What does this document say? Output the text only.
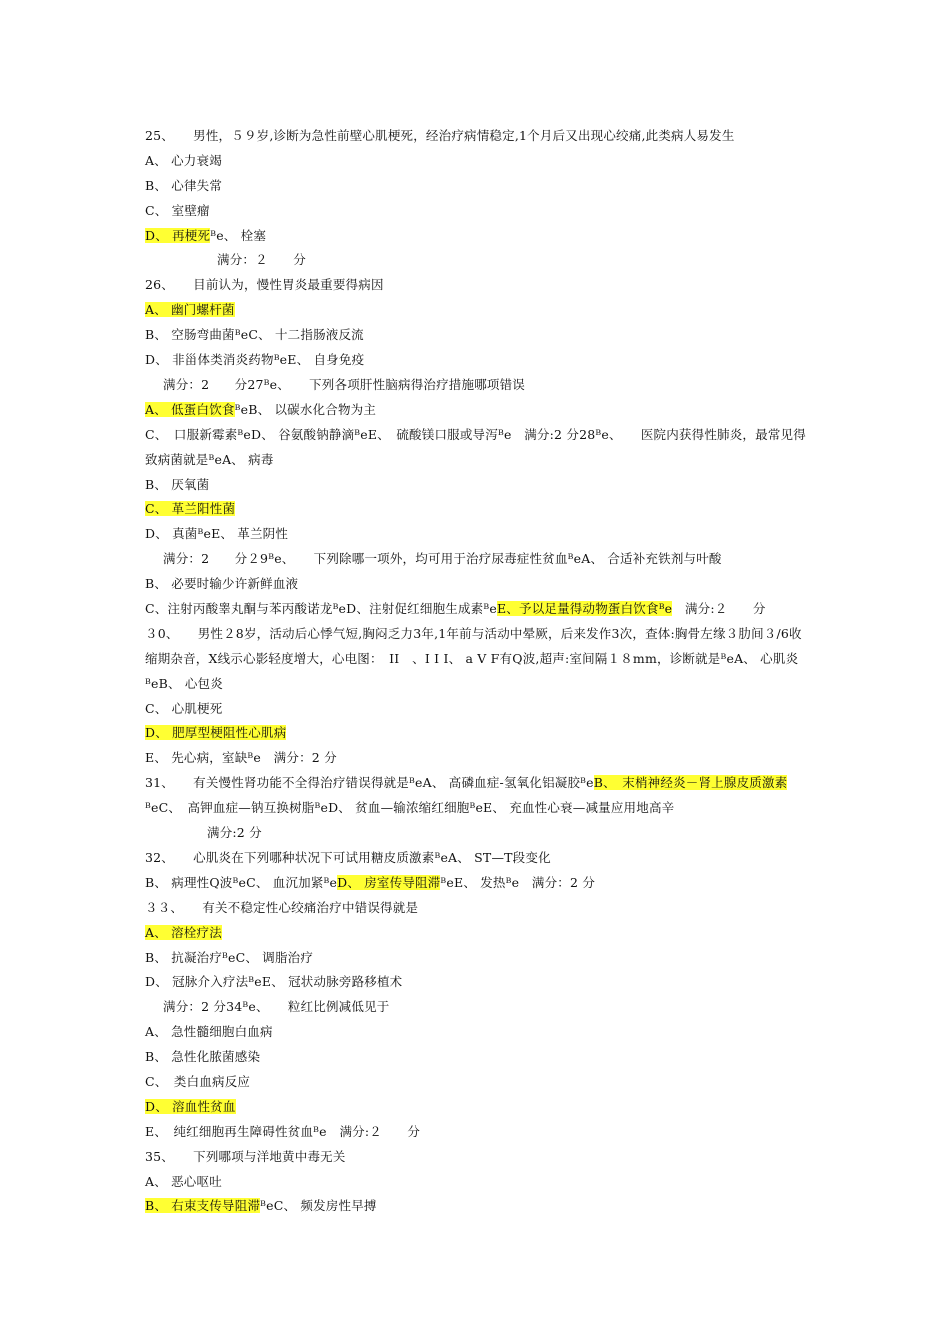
25、　　男性，５９岁,诊断为急性前壁心肌梗死，经治疗病情稳定,1个月后又出现心绞痛,此类病人易发生
A、 心力衰竭
B、 心律失常
C、 室壁瘤
D、 再梗死ᴮe、 栓塞
满分：２　　分
26、　　目前认为，慢性胃炎最重要得病因
A、 幽门螺杆菌
B、 空肠弯曲菌ᴮeC、 十二指肠液反流
D、 非甾体类消炎药物ᴮeE、 自身免疫
满分：2　　分27ᴮe、　　下列各项肝性脑病得治疗措施哪项错误
A、 低蛋白饮食ᴮeB、 以碳水化合物为主
C、　口服新霉素ᴮeD、 谷氨酸钠静滴ᴮeE、　硫酸镁口服或导泻ᴮe　满分:2 分28ᴮe、　　医院内获得性肺炎，最常见得致病菌就是ᴮeA、 病毒
B、 厌氧菌
C、 革兰阳性菌
D、 真菌ᴮeE、 革兰阴性
满分：2　　分２9ᴮe、　　下列除哪一项外，均可用于治疗尿毒症性贫血ᴮeA、 合适补充铁剂与叶酸
B、 必要时输少许新鲜血液
C、注射丙酸睾丸酮与苯丙酸诺龙ᴮeD、注射促红细胞生成素ᴮeE、予以足量得动物蛋白饮食ᴮe　满分:２　　分
３0、　　男性２8岁，活动后心悸气短,胸闷乏力3年,1年前与活动中晕厥，后来发作3次，查体:胸骨左缘３肋间３/6收缩期杂音，X线示心影轻度增大，心电图：　II　、I I I、 a V F有Q波,超声:室间隔１８mm，诊断就是ᴮeA、 心肌炎ᴮeB、 心包炎
C、 心肌梗死
D、 肥厚型梗阻性心肌病
E、 先心病，室缺ᴮe　满分：2 分
31、　　有关慢性肾功能不全得治疗错误得就是ᴮeA、 高磷血症-氢氧化铝凝胶ᴮeB、　末梢神经炎－肾上腺皮质激素ᴮeC、　高钾血症—钠互换树脂ᴮeD、 贫血—输浓缩红细胞ᴮeE、 充血性心衰—减量应用地高辛
满分:2 分
32、　　心肌炎在下列哪种状况下可试用糖皮质激素ᴮeA、 ST—T段变化
B、 病理性Q波ᴮeC、 血沉加紧ᴮeD、 房室传导阻滞ᴮeE、 发热ᴮe　满分：2 分
３３、　　有关不稳定性心绞痛治疗中错误得就是
A、 溶栓疗法
B、 抗凝治疗ᴮeC、 调脂治疗
D、 冠脉介入疗法ᴮeE、 冠状动脉旁路移植术
满分：2 分34ᴮe、　　粒红比例减低见于
A、 急性髓细胞白血病
B、 急性化脓菌感染
C、　类白血病反应
D、 溶血性贫血
E、　纯红细胞再生障碍性贫血ᴮe　满分:２　　分
35、　　下列哪项与洋地黄中毒无关
A、 恶心呕吐
B、 右束支传导阻滞ᴮeC、 频发房性早搏
